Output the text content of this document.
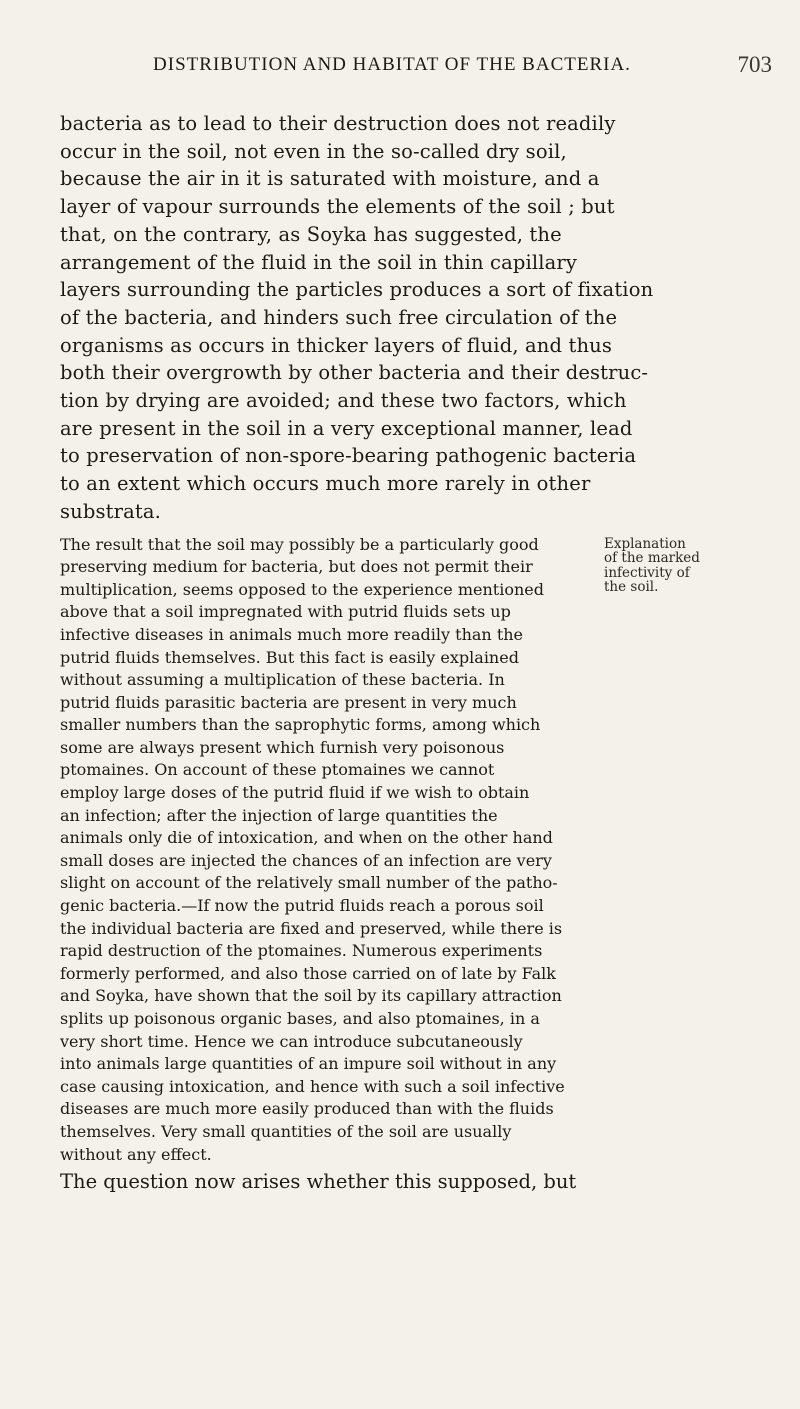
DISTRIBUTION AND HABITAT OF THE BACTERIA.	703

bacteria as to lead to their destruction does not readily
occur in the soil, not even in the so-called dry soil,
because the air in it is saturated with moisture, and a
layer of vapour surrounds the elements of the soil ; but
that, on the contrary, as Soyka has suggested, the
arrangement of the fluid in the soil in thin capillary
layers surrounding the particles produces a sort of fixation
of the bacteria, and hinders such free circulation of the
organisms as occurs in thicker layers of fluid, and thus
both their overgrowth by other bacteria and their destruc-
tion by drying are avoided; and these two factors, which
are present in the soil in a very exceptional manner, lead
to preservation of non-spore-bearing pathogenic bacteria
to an extent which occurs much more rarely in other
substrata.

Explanation
of the marked
infectivity of
the soil.

The result that the soil may possibly be a particularly good
preserving medium for bacteria, but does not permit their
multiplication, seems opposed to the experience mentioned
above that a soil impregnated with putrid fluids sets up
infective diseases in animals much more readily than the
putrid fluids themselves. But this fact is easily explained
without assuming a multiplication of these bacteria. In
putrid fluids parasitic bacteria are present in very much
smaller numbers than the saprophytic forms, among which
some are always present which furnish very poisonous
ptomaines. On account of these ptomaines we cannot
employ large doses of the putrid fluid if we wish to obtain
an infection; after the injection of large quantities the
animals only die of intoxication, and when on the other hand
small doses are injected the chances of an infection are very
slight on account of the relatively small number of the patho-
genic bacteria.—If now the putrid fluids reach a porous soil
the individual bacteria are fixed and preserved, while there is
rapid destruction of the ptomaines. Numerous experiments
formerly performed, and also those carried on of late by Falk
and Soyka, have shown that the soil by its capillary attraction
splits up poisonous organic bases, and also ptomaines, in a
very short time. Hence we can introduce subcutaneously
into animals large quantities of an impure soil without in any
case causing intoxication, and hence with such a soil infective
diseases are much more easily produced than with the fluids
themselves. Very small quantities of the soil are usually
without any effect.

The question now arises whether this supposed, but
